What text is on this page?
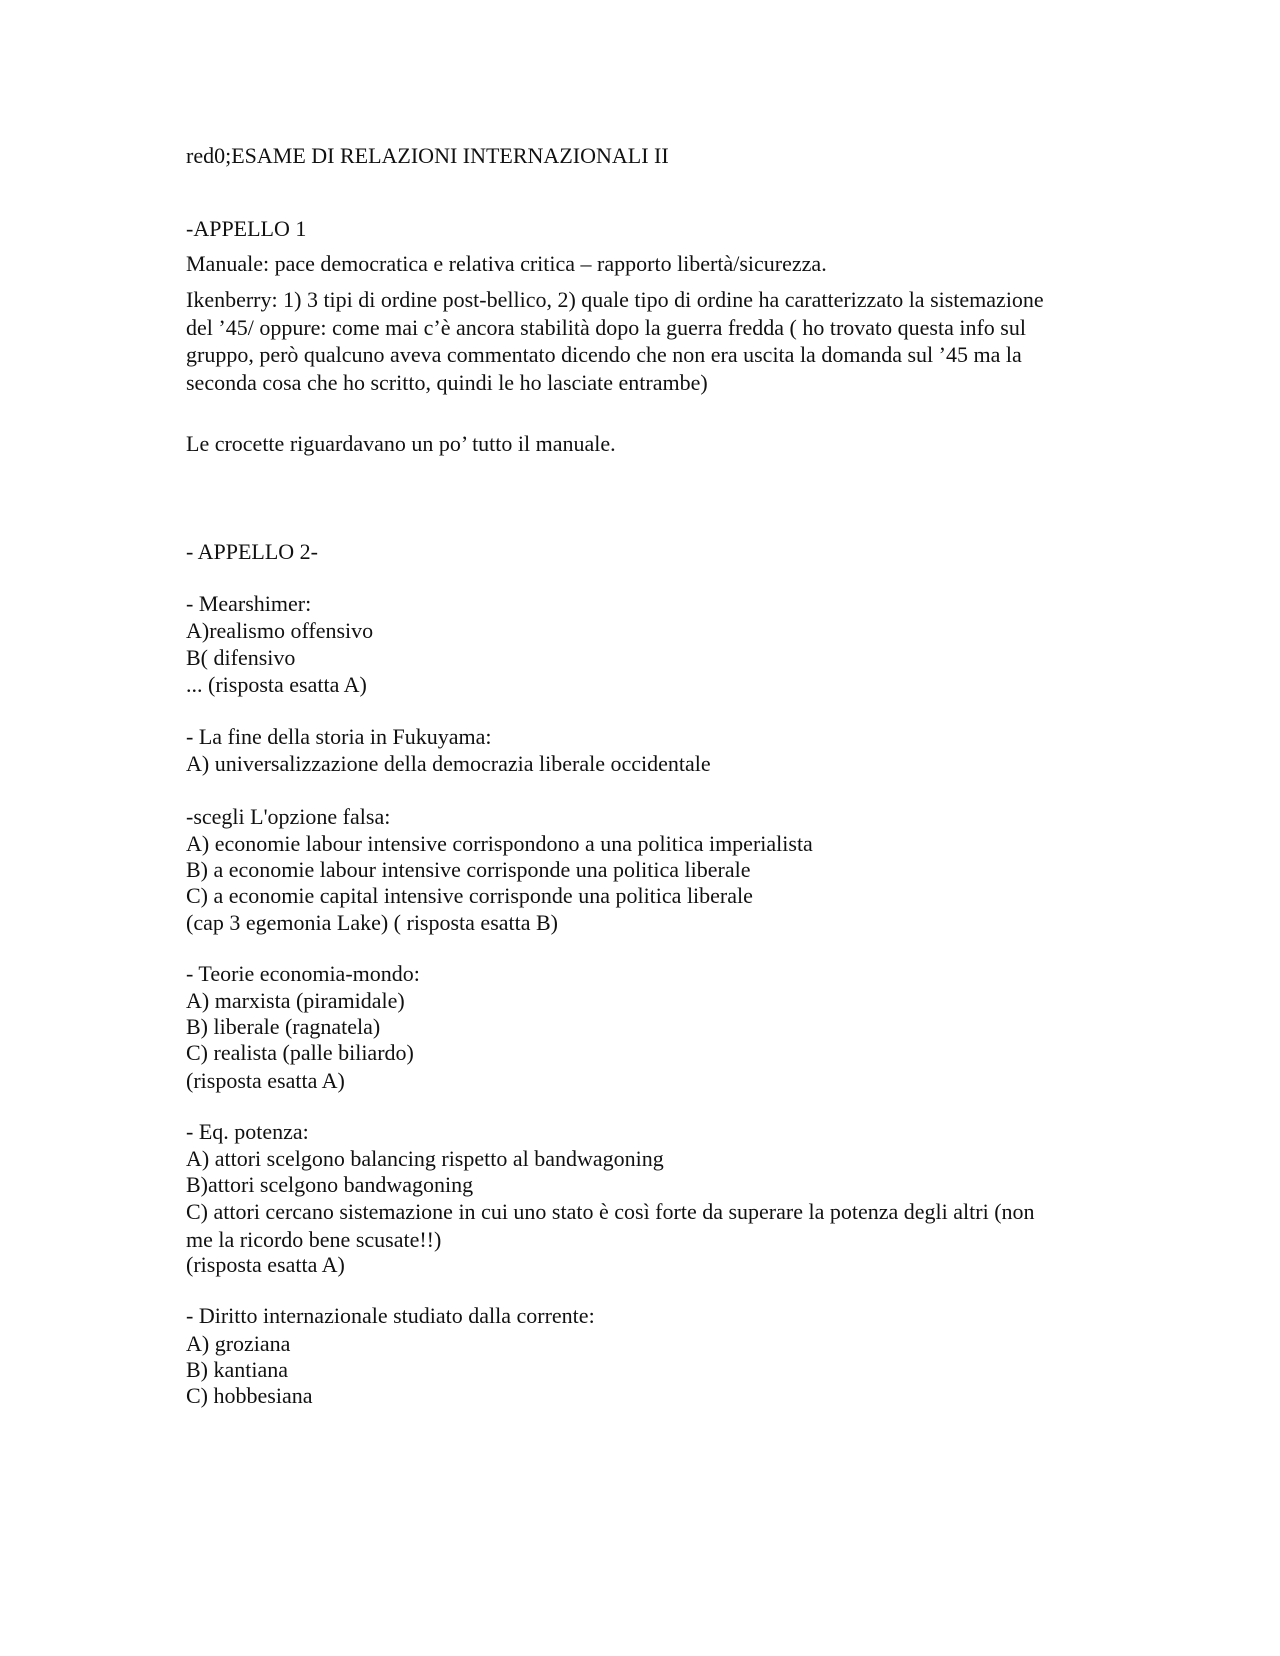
red0;ESAME DI RELAZIONI INTERNAZIONALI II
-APPELLO 1
Manuale: pace democratica e relativa critica – rapporto libertà/sicurezza.
Ikenberry: 1) 3 tipi di ordine post-bellico, 2) quale tipo di ordine ha caratterizzato la sistemazione del ’45/ oppure: come mai c’è ancora stabilità dopo la guerra fredda ( ho trovato questa info sul gruppo, però qualcuno aveva commentato dicendo che non era uscita la domanda sul ’45 ma la seconda cosa che ho scritto, quindi le ho lasciate entrambe)
Le crocette riguardavano un po’ tutto il manuale.
- APPELLO 2-
- Mearshimer:
A)realismo offensivo
B( difensivo
... (risposta esatta A)
- La fine della storia in Fukuyama:
A) universalizzazione della democrazia liberale occidentale
-scegli L'opzione falsa:
A) economie labour intensive corrispondono a una politica imperialista
B) a economie labour intensive corrisponde una politica liberale
C) a economie capital intensive corrisponde una politica liberale
(cap 3 egemonia Lake) ( risposta esatta B)
- Teorie economia-mondo:
A) marxista (piramidale)
B) liberale (ragnatela)
C) realista (palle biliardo)
(risposta esatta A)
- Eq. potenza:
A) attori scelgono balancing rispetto al bandwagoning
B)attori scelgono bandwagoning
C) attori cercano sistemazione in cui uno stato è così forte da superare la potenza degli altri (non me la ricordo bene scusate!!)
(risposta esatta A)
- Diritto internazionale studiato dalla corrente:
A) groziana
B) kantiana
C) hobbesiana
